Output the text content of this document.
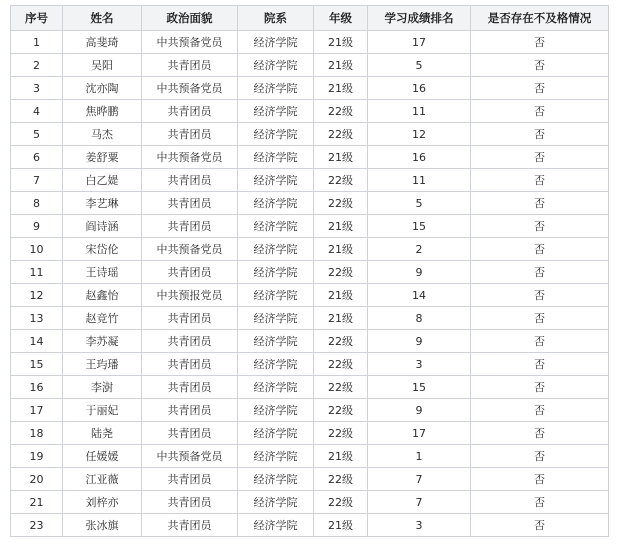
序号	姓名	政治面貌	院系	年级	学习成绩排名	是否存在不及格情况
1	高斐琦	中共预备党员	经济学院	21级	17	否
2	吴阳	共青团员	经济学院	21级	5	否
3	沈亦陶	中共预备党员	经济学院	21级	16	否
4	焦晔鹏	共青团员	经济学院	22级	11	否
5	马杰	共青团员	经济学院	22级	12	否
6	姜舒粟	中共预备党员	经济学院	21级	16	否
7	白乙媞	共青团员	经济学院	22级	11	否
8	李艺琳	共青团员	经济学院	22级	5	否
9	阎诗涵	共青团员	经济学院	21级	15	否
10	宋岱伦	中共预备党员	经济学院	21级	2	否
11	王诗瑶	共青团员	经济学院	22级	9	否
12	赵鑫怡	中共预报党员	经济学院	21级	14	否
13	赵竞竹	共青团员	经济学院	21级	8	否
14	李苏凝	共青团员	经济学院	22级	9	否
15	王玙璠	共青团员	经济学院	22级	3	否
16	李澍	共青团员	经济学院	22级	15	否
17	于丽妃	共青团员	经济学院	22级	9	否
18	陆尧	共青团员	经济学院	22级	17	否
19	任媛媛	中共预备党员	经济学院	21级	1	否
20	江亚薇	共青团员	经济学院	22级	7	否
21	刘梓亦	共青团员	经济学院	22级	7	否
23	张冰旗	共青团员	经济学院	21级	3	否
